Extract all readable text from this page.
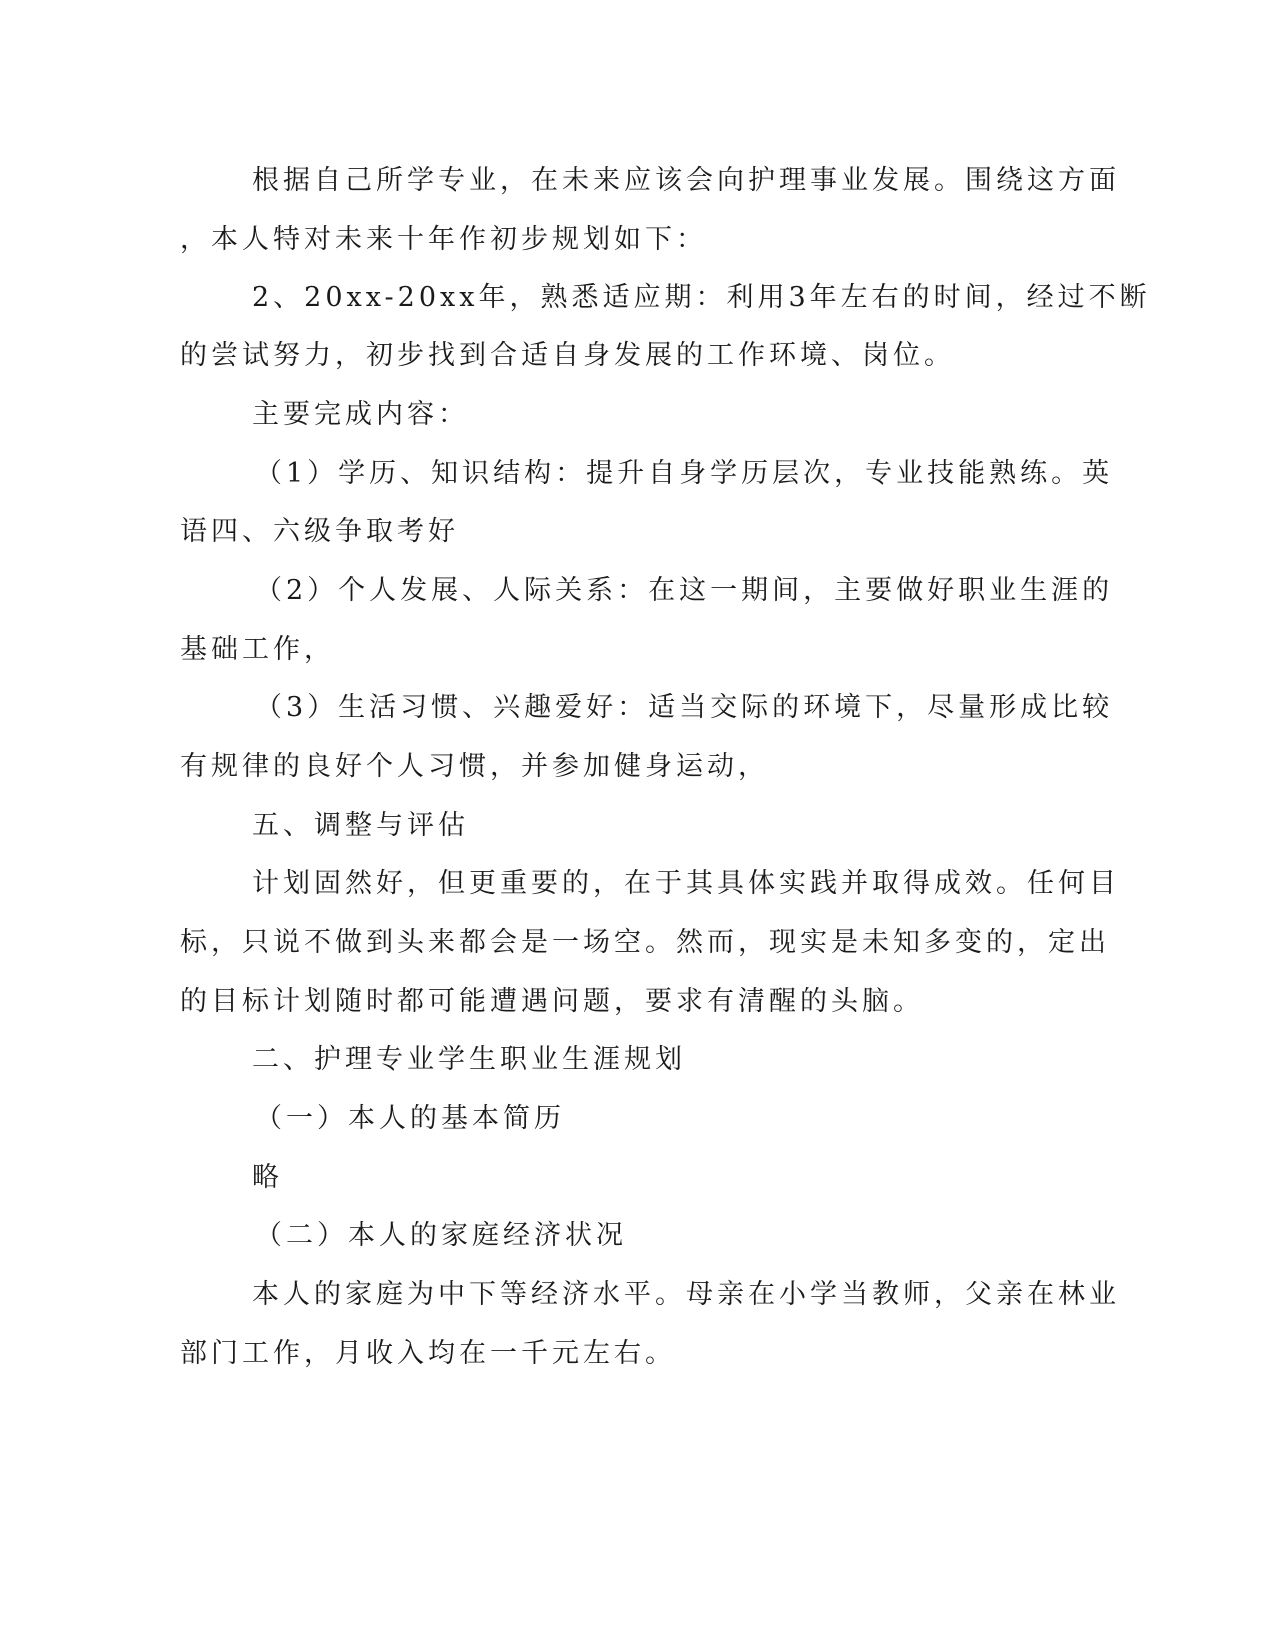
根据自己所学专业，在未来应该会向护理事业发展。围绕这方面
，本人特对未来十年作初步规划如下：
2、20xx-20xx年，熟悉适应期：利用3年左右的时间，经过不断
的尝试努力，初步找到合适自身发展的工作环境、岗位。
主要完成内容：
（1）学历、知识结构：提升自身学历层次，专业技能熟练。英
语四、六级争取考好
（2）个人发展、人际关系：在这一期间，主要做好职业生涯的
基础工作，
（3）生活习惯、兴趣爱好：适当交际的环境下，尽量形成比较
有规律的良好个人习惯，并参加健身运动，
五、调整与评估
计划固然好，但更重要的，在于其具体实践并取得成效。任何目
标，只说不做到头来都会是一场空。然而，现实是未知多变的，定出
的目标计划随时都可能遭遇问题，要求有清醒的头脑。
二、护理专业学生职业生涯规划
（一）本人的基本简历
略
（二）本人的家庭经济状况
本人的家庭为中下等经济水平。母亲在小学当教师，父亲在林业
部门工作，月收入均在一千元左右。
